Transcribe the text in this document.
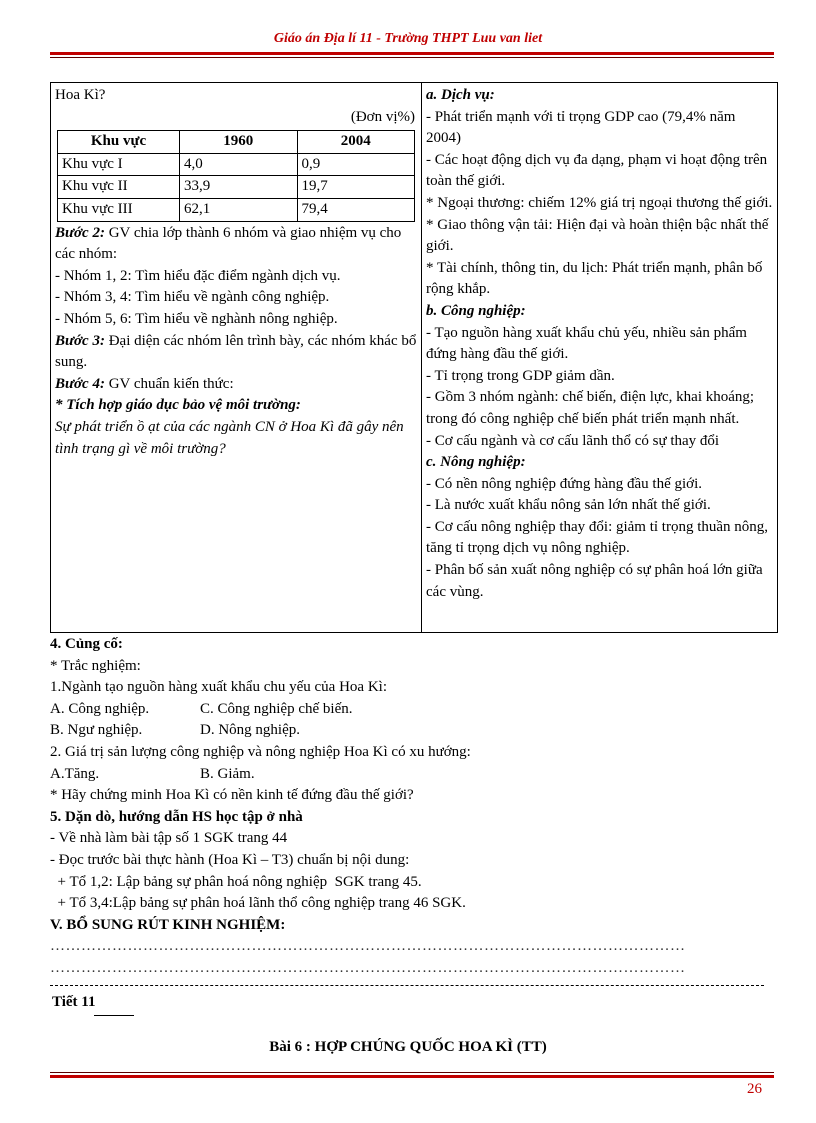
Giáo án Địa lí 11 - Trường THPT Luu van liet

Hoa Kì?

(Đơn vị%)

Khu vực	1960	2004
Khu vực I	4,0	0,9
Khu vực II	33,9	19,7
Khu vực III	62,1	79,4

Bước 2: GV chia lớp thành 6 nhóm và giao nhiệm vụ cho các nhóm:

- Nhóm 1, 2: Tìm hiểu đặc điểm ngành dịch vụ.

- Nhóm 3, 4: Tìm hiểu về ngành công nghiệp.

- Nhóm 5, 6: Tìm hiểu về nghành nông nghiệp.

Bước 3: Đại diện các nhóm lên trình bày, các nhóm khác bổ sung.

Bước 4: GV chuẩn kiến thức:

* Tích hợp giáo dục bảo vệ môi trường:

Sự phát triển ồ ạt của các ngành CN ở Hoa Kì đã gây nên tình trạng gì về môi trường?

a. Dịch vụ:

- Phát triển mạnh với tỉ trọng GDP cao (79,4% năm 2004)

- Các hoạt động dịch vụ đa dạng, phạm vi hoạt động trên toàn thế giới.

* Ngoại thương: chiếm 12% giá trị ngoại thương thế giới.

* Giao thông vận tải: Hiện đại và hoàn thiện bậc nhất thế giới.

* Tài chính, thông tin, du lịch: Phát triển mạnh, phân bố rộng khắp.

b. Công nghiệp:

- Tạo nguồn hàng xuất khẩu chủ yếu, nhiều sản phẩm đứng hàng đầu thế giới.

- Tỉ trọng trong GDP giảm dần.

- Gồm 3 nhóm ngành: chế biến, điện lực, khai khoáng; trong đó công nghiệp chế biến phát triển mạnh nhất.

- Cơ cấu ngành và cơ cấu lãnh thổ có sự thay đổi

c. Nông nghiệp:

- Có nền nông nghiệp đứng hàng đầu thế giới.

- Là nước xuất khẩu nông sản lớn nhất thế giới.

- Cơ cấu nông nghiệp thay đổi: giảm tỉ trọng thuần nông, tăng tỉ trọng dịch vụ nông nghiệp.

- Phân bố sản xuất nông nghiệp có sự phân hoá lớn giữa các vùng.

4. Củng cố:

* Trắc nghiệm:

1.Ngành tạo nguồn hàng xuất khẩu chu yếu của Hoa Kì:

A. Công nghiệp.	C. Công nghiệp chế biến.

B. Ngư nghiệp.	D. Nông nghiệp.

2. Giá trị sản lượng công nghiệp và nông nghiệp Hoa Kì có xu hướng:

A.Tăng.	B. Giảm.

* Hãy chứng minh Hoa Kì có nền kinh tế đứng đầu thế giới?

5. Dặn dò, hướng dẫn HS học tập ở nhà

- Về nhà làm bài tập số 1 SGK trang 44

- Đọc trước bài thực hành (Hoa Kì – T3) chuẩn bị nội dung:

+ Tổ 1,2: Lập bảng sự phân hoá nông nghiệp  SGK trang 45.

+ Tổ 3,4:Lập bảng sự phân hoá lãnh thổ công nghiệp trang 46 SGK.

V. BỔ SUNG RÚT KINH NGHIỆM:

……………………………………………………………………………………………………………

……………………………………………………………………………………………………………

Tiết 11
Bài 6 : HỢP CHÚNG QUỐC HOA KÌ (TT)
26
